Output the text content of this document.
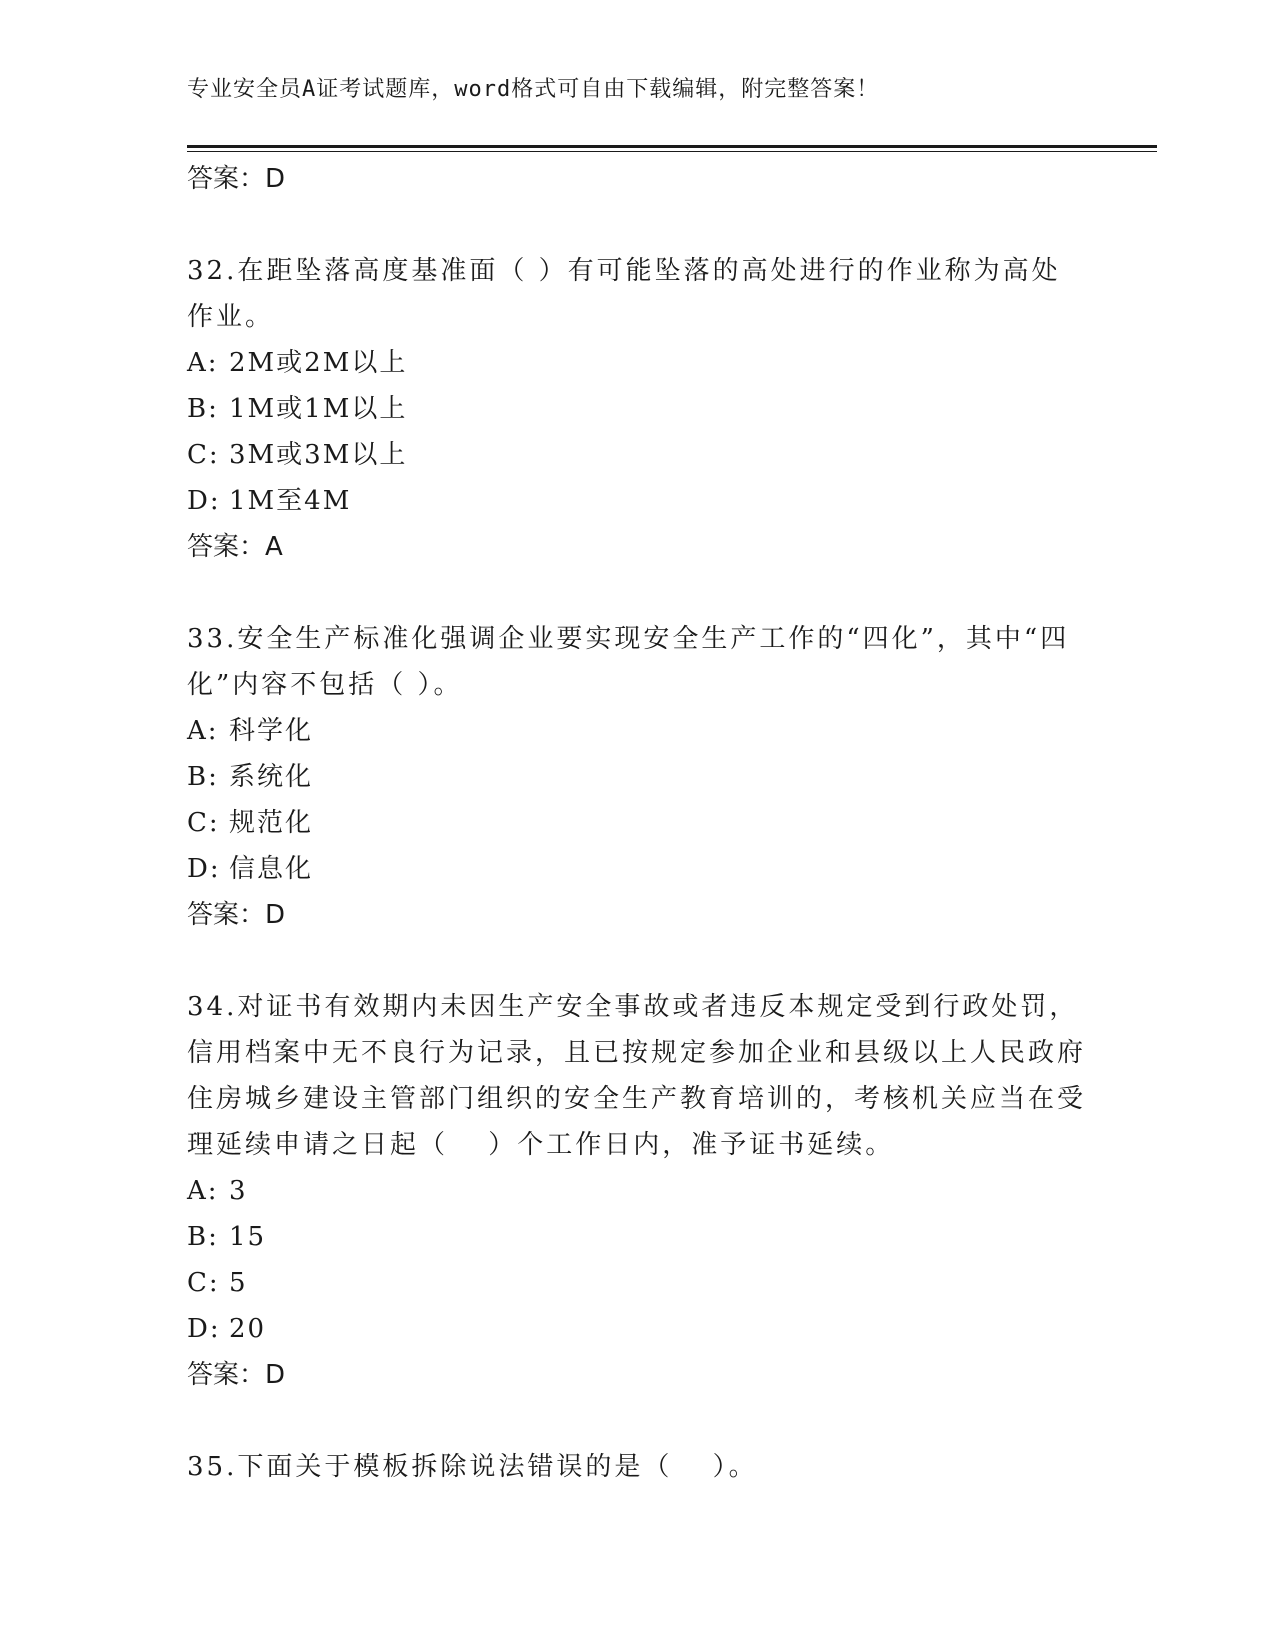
专业安全员A证考试题库，word格式可自由下载编辑，附完整答案！
答案：D

32.在距坠落高度基准面（ ）有可能坠落的高处进行的作业称为高处作业。

A: 2M或2M以上
B: 1M或1M以上
C: 3M或3M以上
D: 1M至4M
答案：A

33.安全生产标准化强调企业要实现安全生产工作的“四化”，其中“四化”内容不包括（ ）。

A: 科学化
B: 系统化
C: 规范化
D: 信息化
答案：D

34.对证书有效期内未因生产安全事故或者违反本规定受到行政处罚，信用档案中无不良行为记录，且已按规定参加企业和县级以上人民政府住房城乡建设主管部门组织的安全生产教育培训的，考核机关应当在受理延续申请之日起（　 ）个工作日内，准予证书延续。

A: 3
B: 15
C: 5
D: 20
答案：D

35.下面关于模板拆除说法错误的是（　 ）。
